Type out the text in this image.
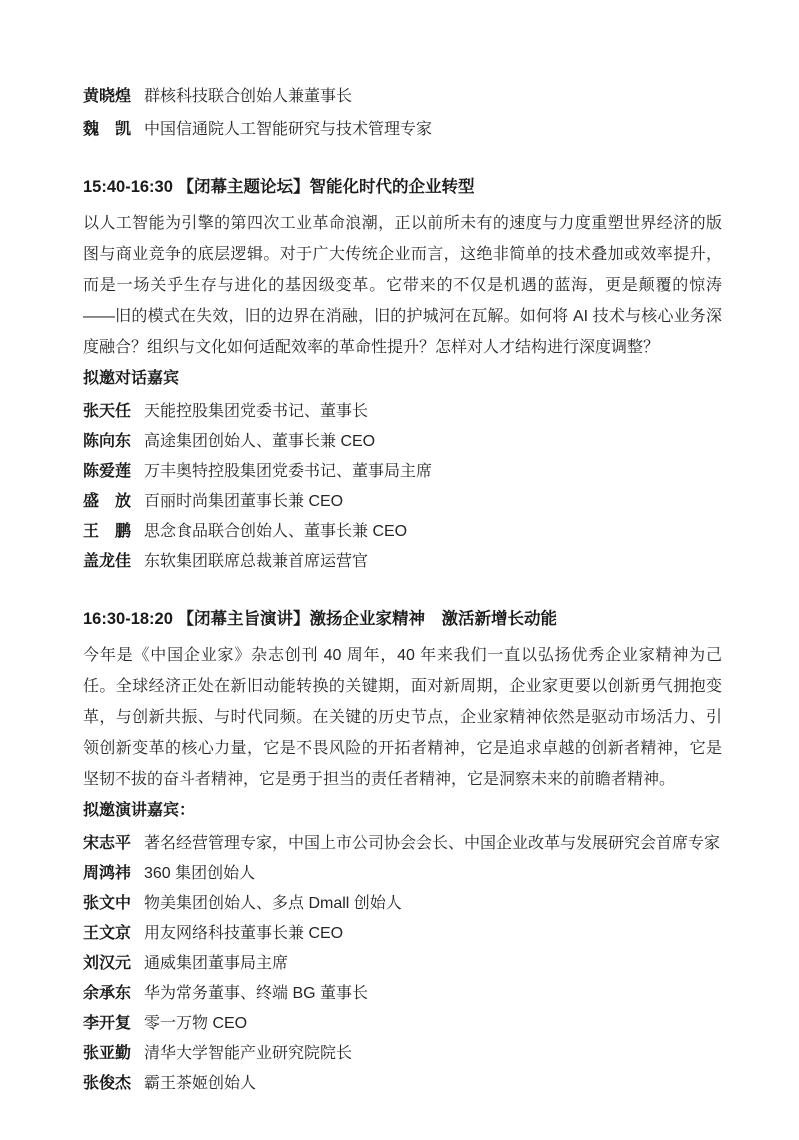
黄晓煌 群核科技联合创始人兼董事长
魏　凯 中国信通院人工智能研究与技术管理专家
15:40-16:30 【闭幕主题论坛】智能化时代的企业转型
以人工智能为引擎的第四次工业革命浪潮，正以前所未有的速度与力度重塑世界经济的版图与商业竞争的底层逻辑。对于广大传统企业而言，这绝非简单的技术叠加或效率提升，而是一场关乎生存与进化的基因级变革。它带来的不仅是机遇的蓝海，更是颠覆的惊涛——旧的模式在失效，旧的边界在消融，旧的护城河在瓦解。如何将 AI 技术与核心业务深度融合？组织与文化如何适配效率的革命性提升？怎样对人才结构进行深度调整？
拟邀对话嘉宾
张天任 天能控股集团党委书记、董事长
陈向东 高途集团创始人、董事长兼 CEO
陈爱莲 万丰奥特控股集团党委书记、董事局主席
盛　放 百丽时尚集团董事长兼 CEO
王　鹏 思念食品联合创始人、董事长兼 CEO
盖龙佳 东软集团联席总裁兼首席运营官
16:30-18:20 【闭幕主旨演讲】激扬企业家精神　激活新增长动能
今年是《中国企业家》杂志创刊 40 周年，40 年来我们一直以弘扬优秀企业家精神为己任。全球经济正处在新旧动能转换的关键期，面对新周期，企业家更要以创新勇气拥抱变革，与创新共振、与时代同频。在关键的历史节点，企业家精神依然是驱动市场活力、引领创新变革的核心力量，它是不畏风险的开拓者精神，它是追求卓越的创新者精神，它是坚韧不拔的奋斗者精神，它是勇于担当的责任者精神，它是洞察未来的前瞻者精神。
拟邀演讲嘉宾：
宋志平 著名经营管理专家，中国上市公司协会会长、中国企业改革与发展研究会首席专家
周鸿祎 360 集团创始人
张文中 物美集团创始人、多点 Dmall 创始人
王文京 用友网络科技董事长兼 CEO
刘汉元 通威集团董事局主席
余承东 华为常务董事、终端 BG 董事长
李开复 零一万物 CEO
张亚勤 清华大学智能产业研究院院长
张俊杰 霸王茶姬创始人
